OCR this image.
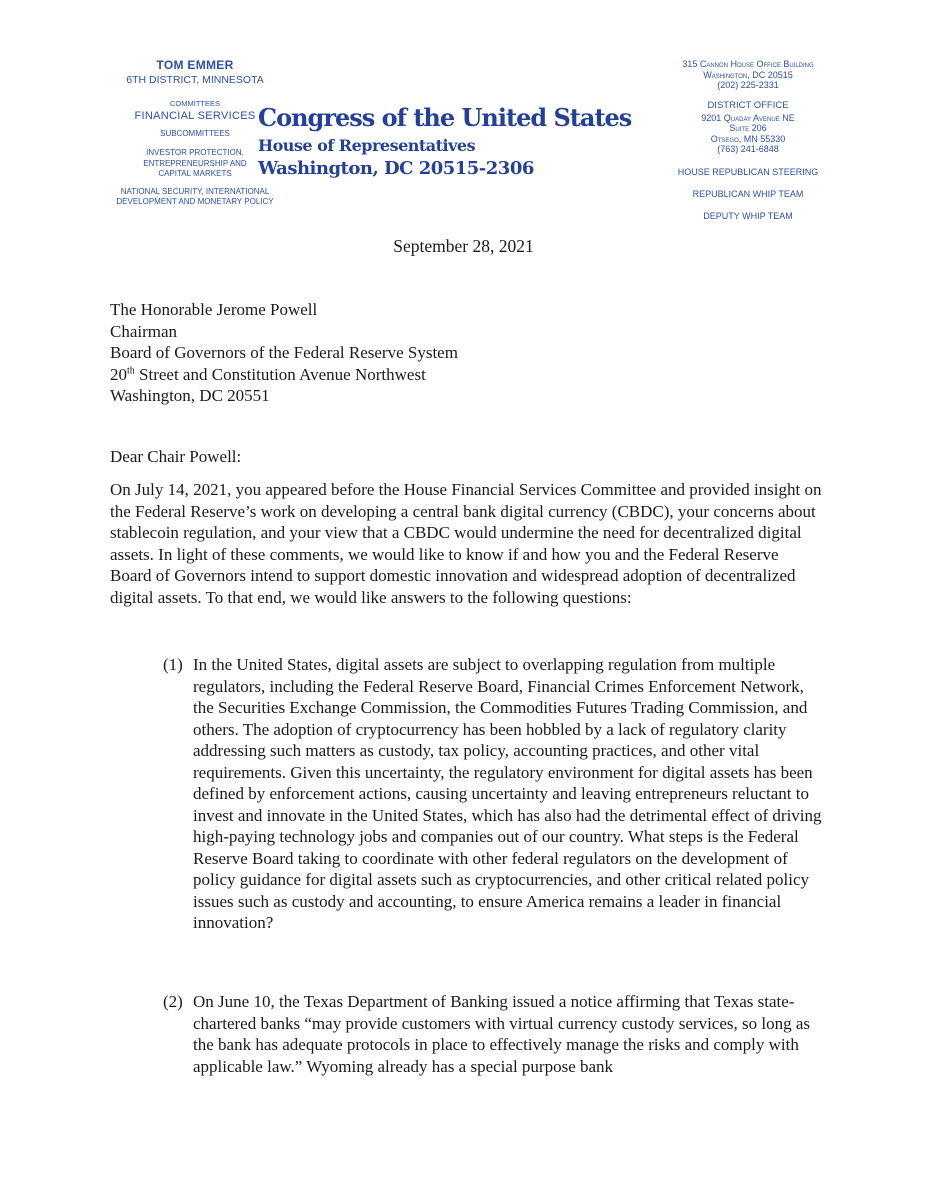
TOM EMMER
6TH DISTRICT, MINNESOTA
COMMITTEES
FINANCIAL SERVICES
SUBCOMMITTEES
INVESTOR PROTECTION,
ENTREPRENEURSHIP AND
CAPITAL MARKETS
NATIONAL SECURITY, INTERNATIONAL
DEVELOPMENT AND MONETARY POLICY
Congress of the United States
House of Representatives
Washington, DC 20515-2306
315 Cannon House Office Building
Washington, DC 20515
(202) 225-2331
DISTRICT OFFICE
9201 Quaday Avenue NE
Suite 206
Otsego, MN 55330
(763) 241-6848
HOUSE REPUBLICAN STEERING
REPUBLICAN WHIP TEAM
DEPUTY WHIP TEAM
September 28, 2021
The Honorable Jerome Powell
Chairman
Board of Governors of the Federal Reserve System
20th Street and Constitution Avenue Northwest
Washington, DC 20551
Dear Chair Powell:
On July 14, 2021, you appeared before the House Financial Services Committee and provided insight on the Federal Reserve’s work on developing a central bank digital currency (CBDC), your concerns about stablecoin regulation, and your view that a CBDC would undermine the need for decentralized digital assets. In light of these comments, we would like to know if and how you and the Federal Reserve Board of Governors intend to support domestic innovation and widespread adoption of decentralized digital assets. To that end, we would like answers to the following questions:
(1) In the United States, digital assets are subject to overlapping regulation from multiple regulators, including the Federal Reserve Board, Financial Crimes Enforcement Network, the Securities Exchange Commission, the Commodities Futures Trading Commission, and others. The adoption of cryptocurrency has been hobbled by a lack of regulatory clarity addressing such matters as custody, tax policy, accounting practices, and other vital requirements. Given this uncertainty, the regulatory environment for digital assets has been defined by enforcement actions, causing uncertainty and leaving entrepreneurs reluctant to invest and innovate in the United States, which has also had the detrimental effect of driving high-paying technology jobs and companies out of our country. What steps is the Federal Reserve Board taking to coordinate with other federal regulators on the development of policy guidance for digital assets such as cryptocurrencies, and other critical related policy issues such as custody and accounting, to ensure America remains a leader in financial innovation?
(2) On June 10, the Texas Department of Banking issued a notice affirming that Texas state-chartered banks “may provide customers with virtual currency custody services, so long as the bank has adequate protocols in place to effectively manage the risks and comply with applicable law.” Wyoming already has a special purpose bank
